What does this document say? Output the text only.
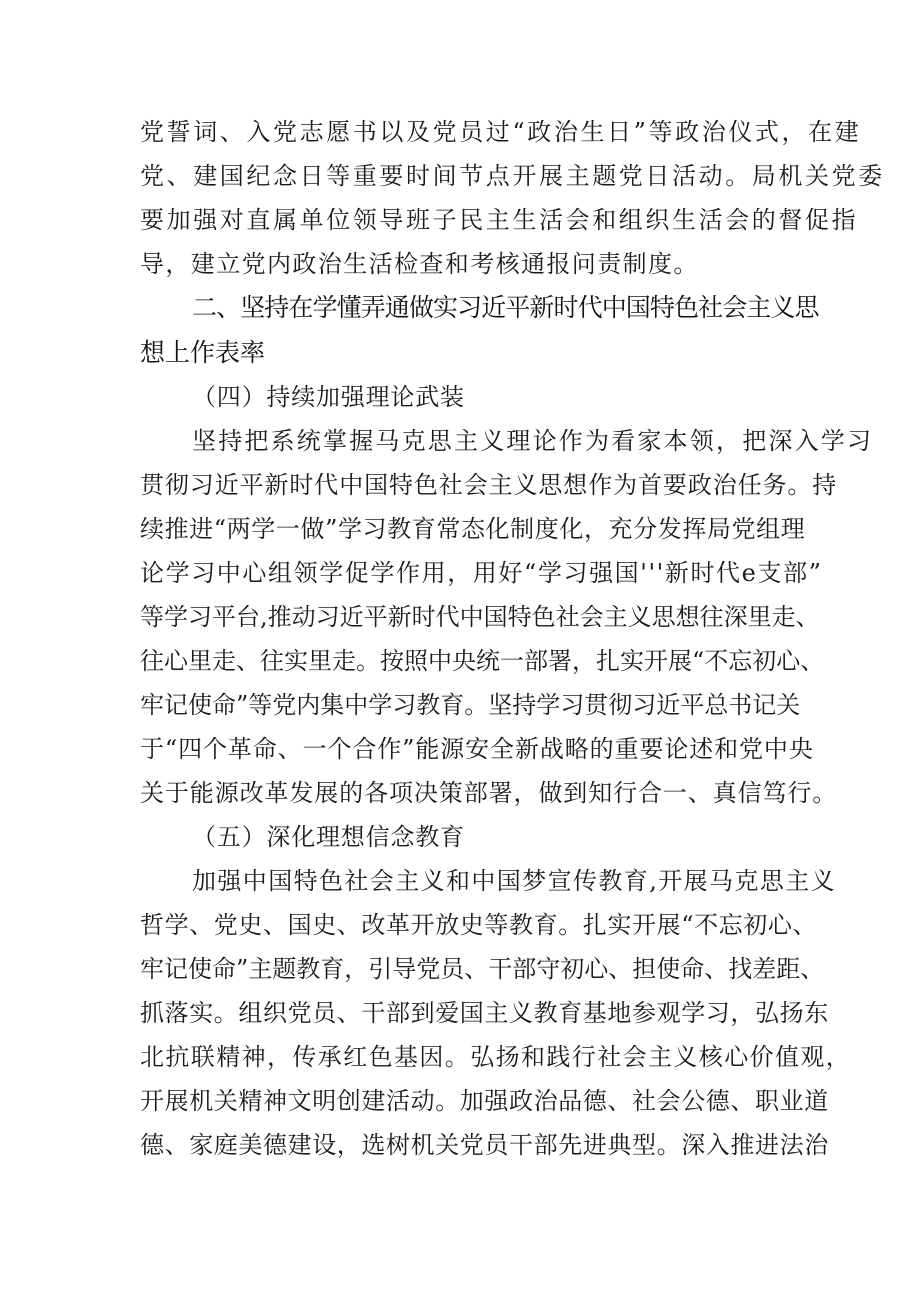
党誓词、入党志愿书以及党员过“政治生日”等政治仪式，在建
党、建国纪念日等重要时间节点开展主题党日活动。局机关党委
要加强对直属单位领导班子民主生活会和组织生活会的督促指
导，建立党内政治生活检查和考核通报问责制度。
二、坚持在学懂弄通做实习近平新时代中国特色社会主义思
想上作表率
（四）持续加强理论武装
坚持把系统掌握马克思主义理论作为看家本领，把深入学习
贯彻习近平新时代中国特色社会主义思想作为首要政治任务。持
续推进“两学一做”学习教育常态化制度化，充分发挥局党组理
论学习中心组领学促学作用，用好“学习强国'''新时代e支部”
等学习平台,推动习近平新时代中国特色社会主义思想往深里走、
往心里走、往实里走。按照中央统一部署，扎实开展“不忘初心、
牢记使命”等党内集中学习教育。坚持学习贯彻习近平总书记关
于“四个革命、一个合作”能源安全新战略的重要论述和党中央
关于能源改革发展的各项决策部署，做到知行合一、真信笃行。
（五）深化理想信念教育
加强中国特色社会主义和中国梦宣传教育,开展马克思主义
哲学、党史、国史、改革开放史等教育。扎实开展“不忘初心、
牢记使命”主题教育，引导党员、干部守初心、担使命、找差距、
抓落实。组织党员、干部到爱国主义教育基地参观学习，弘扬东
北抗联精神，传承红色基因。弘扬和践行社会主义核心价值观，
开展机关精神文明创建活动。加强政治品德、社会公德、职业道
德、家庭美德建设，选树机关党员干部先进典型。深入推进法治
